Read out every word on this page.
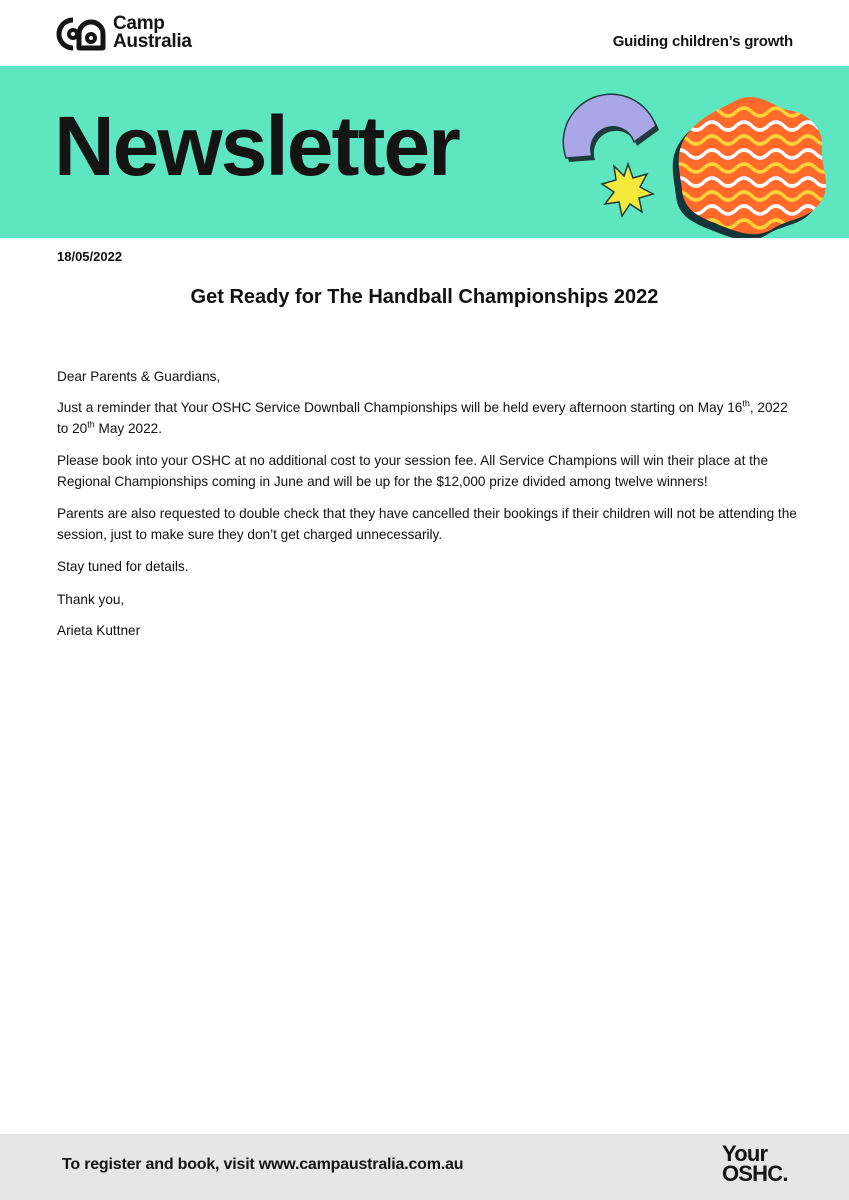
Camp
Australia	Guiding children’s growth
Newsletter
18/05/2022
Get Ready for The Handball Championships 2022

Dear Parents & Guardians,

Just a reminder that Your OSHC Service Downball Championships will be held every afternoon starting on May 16th, 2022 to 20th May 2022.

Please book into your OSHC at no additional cost to your session fee. All Service Champions will win their place at the Regional Championships coming in June and will be up for the $12,000 prize divided among twelve winners!

Parents are also requested to double check that they have cancelled their bookings if their children will not be attending the session, just to make sure they don’t get charged unnecessarily.

Stay tuned for details.

Thank you,

Arieta Kuttner

To register and book, visit www.campaustralia.com.au	Your
OSHC.
